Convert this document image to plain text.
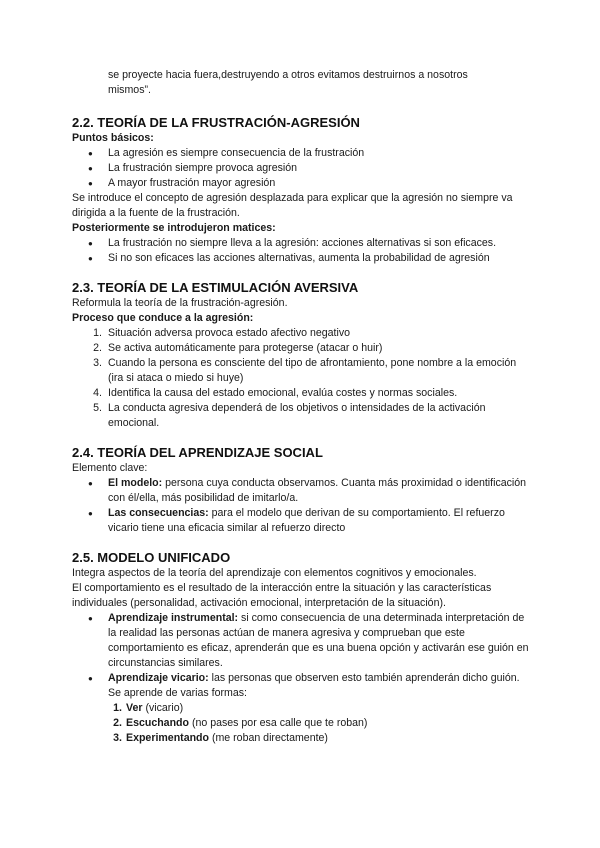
se proyecte hacia fuera,destruyendo a otros evitamos destruirnos a nosotros

mismos”.

2.2. TEORÍA DE LA FRUSTRACIÓN-AGRESIÓN

Puntos básicos:

● La agresión es siempre consecuencia de la frustración
● La frustración siempre provoca agresión
● A mayor frustración mayor agresión

Se introduce el concepto de agresión desplazada para explicar que la agresión no siempre va dirigida a la fuente de la frustración.

Posteriormente se introdujeron matices:

● La frustración no siempre lleva a la agresión: acciones alternativas si son eficaces.
● Si no son eficaces las acciones alternativas, aumenta la probabilidad de agresión
2.3. TEORÍA DE LA ESTIMULACIÓN AVERSIVA

Reformula la teoría de la frustración-agresión.

Proceso que conduce a la agresión:

1. Situación adversa provoca estado afectivo negativo
2. Se activa automáticamente para protegerse (atacar o huir)
3. Cuando la persona es consciente del tipo de afrontamiento, pone nombre a la emoción (ira si ataca o miedo si huye)
4. Identifica la causa del estado emocional, evalúa costes y normas sociales.
5. La conducta agresiva dependerá de los objetivos o intensidades de la activación emocional.
2.4. TEORÍA DEL APRENDIZAJE SOCIAL

Elemento clave:

● El modelo: persona cuya conducta observamos. Cuanta más proximidad o identificación con él/ella, más posibilidad de imitarlo/a.
● Las consecuencias: para el modelo que derivan de su comportamiento. El refuerzo vicario tiene una eficacia similar al refuerzo directo
2.5. MODELO UNIFICADO

Integra aspectos de la teoría del aprendizaje con elementos cognitivos y emocionales.

El comportamiento es el resultado de la interacción entre la situación y las características individuales (personalidad, activación emocional, interpretación de la situación).

● Aprendizaje instrumental: si como consecuencia de una determinada interpretación de la realidad las personas actúan de manera agresiva y comprueban que este comportamiento es eficaz, aprenderán que es una buena opción y activarán ese guión en circunstancias similares.
● Aprendizaje vicario: las personas que observen esto también aprenderán dicho guión.

Se aprende de varias formas:

1. Ver (vicario)
2. Escuchando (no pases por esa calle que te roban)
3. Experimentando (me roban directamente)
